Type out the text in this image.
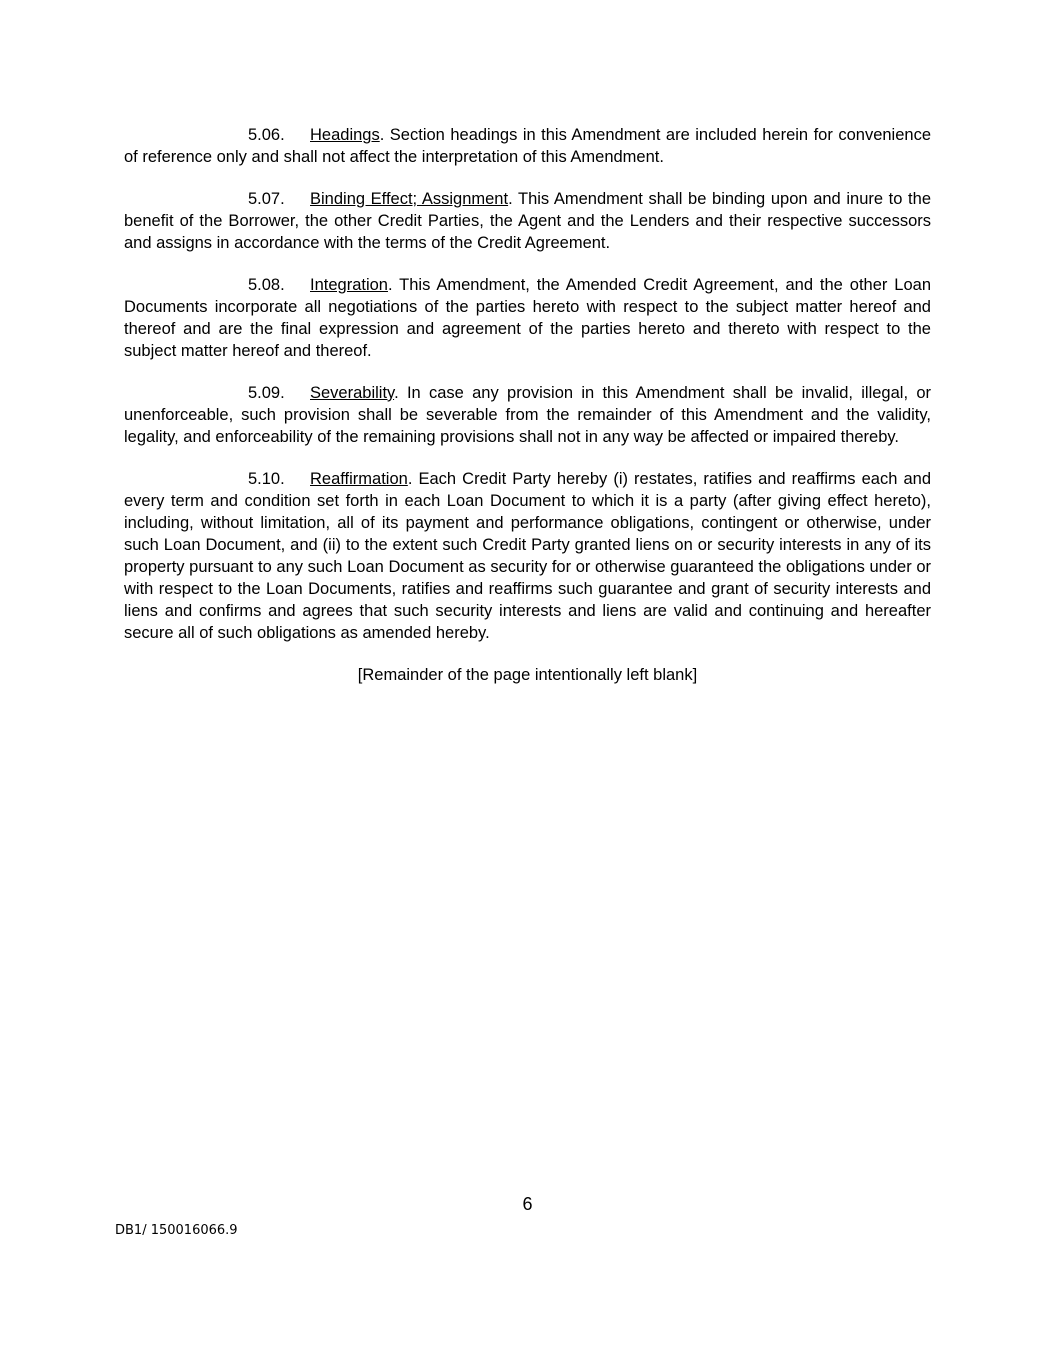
5.06. Headings. Section headings in this Amendment are included herein for convenience of reference only and shall not affect the interpretation of this Amendment.

5.07. Binding Effect; Assignment. This Amendment shall be binding upon and inure to the benefit of the Borrower, the other Credit Parties, the Agent and the Lenders and their respective successors and assigns in accordance with the terms of the Credit Agreement.

5.08. Integration. This Amendment, the Amended Credit Agreement, and the other Loan Documents incorporate all negotiations of the parties hereto with respect to the subject matter hereof and thereof and are the final expression and agreement of the parties hereto and thereto with respect to the subject matter hereof and thereof.

5.09. Severability. In case any provision in this Amendment shall be invalid, illegal, or unenforceable, such provision shall be severable from the remainder of this Amendment and the validity, legality, and enforceability of the remaining provisions shall not in any way be affected or impaired thereby.

5.10. Reaffirmation. Each Credit Party hereby (i) restates, ratifies and reaffirms each and every term and condition set forth in each Loan Document to which it is a party (after giving effect hereto), including, without limitation, all of its payment and performance obligations, contingent or otherwise, under such Loan Document, and (ii) to the extent such Credit Party granted liens on or security interests in any of its property pursuant to any such Loan Document as security for or otherwise guaranteed the obligations under or with respect to the Loan Documents, ratifies and reaffirms such guarantee and grant of security interests and liens and confirms and agrees that such security interests and liens are valid and continuing and hereafter secure all of such obligations as amended hereby.

[Remainder of the page intentionally left blank]

6
DB1/ 150016066.9
